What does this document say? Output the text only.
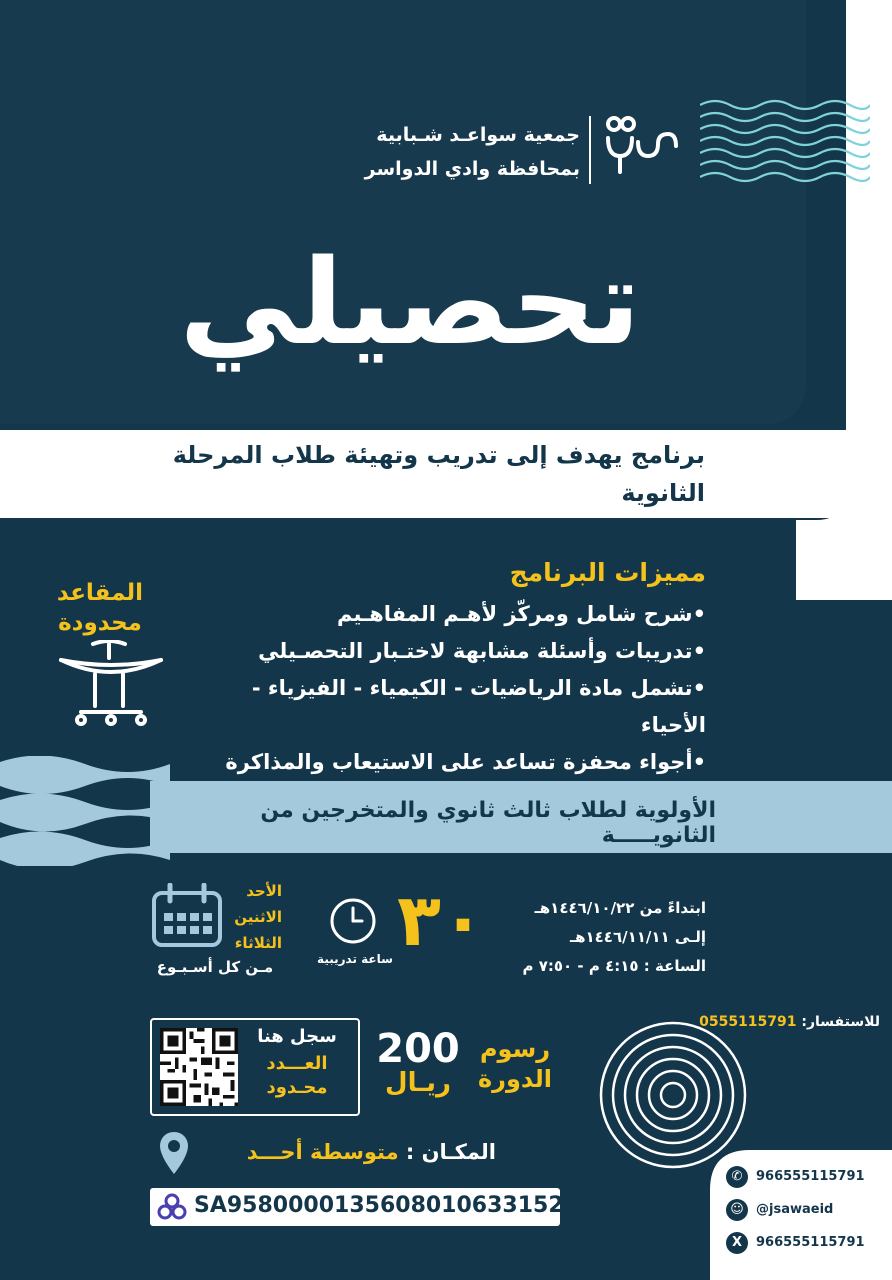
جمعية سواعـد شـبابية
بمحافظة وادي الدواسر
تحصيلي
برنامج يهدف إلى تدريب وتهيئة طلاب المرحلة الثانوية
للاختبار التحصيلي .
مميزات البرنامج
•شرح شامل ومركّز لأهـم المفاهـيم
•تدريبات وأسئلة مشابهة لاختـبار التحصـيلي
•تشمل مادة الرياضيات - الكيمياء - الفيزياء - الأحياء
•أجواء محفزة تساعد على الاستيعاب والمذاكرة
المقاعد
محدودة
الأولوية لطلاب ثالث ثانوي والمتخرجين من الثانويـــــة
ابتداءً من ١٤٤٦/١٠/٢٢هـ
إلـى ١٤٤٦/١١/١١هـ
الساعة : ٤:١٥ م - ٧:٥٠ م
٣٠
ساعة تدريبية
الأحد
الاثنين
الثلاثاء
مـن كل أسـبـوع
للاستفسار: 0555115791
رسوم
الدورة
200
ريـال
سجل هنا
العـــدد
محـدود
المكـان : متوسطة أحـــد
SA9580000135608010633152
✆	966555115791
☺ @jsawaeid
X	966555115791
